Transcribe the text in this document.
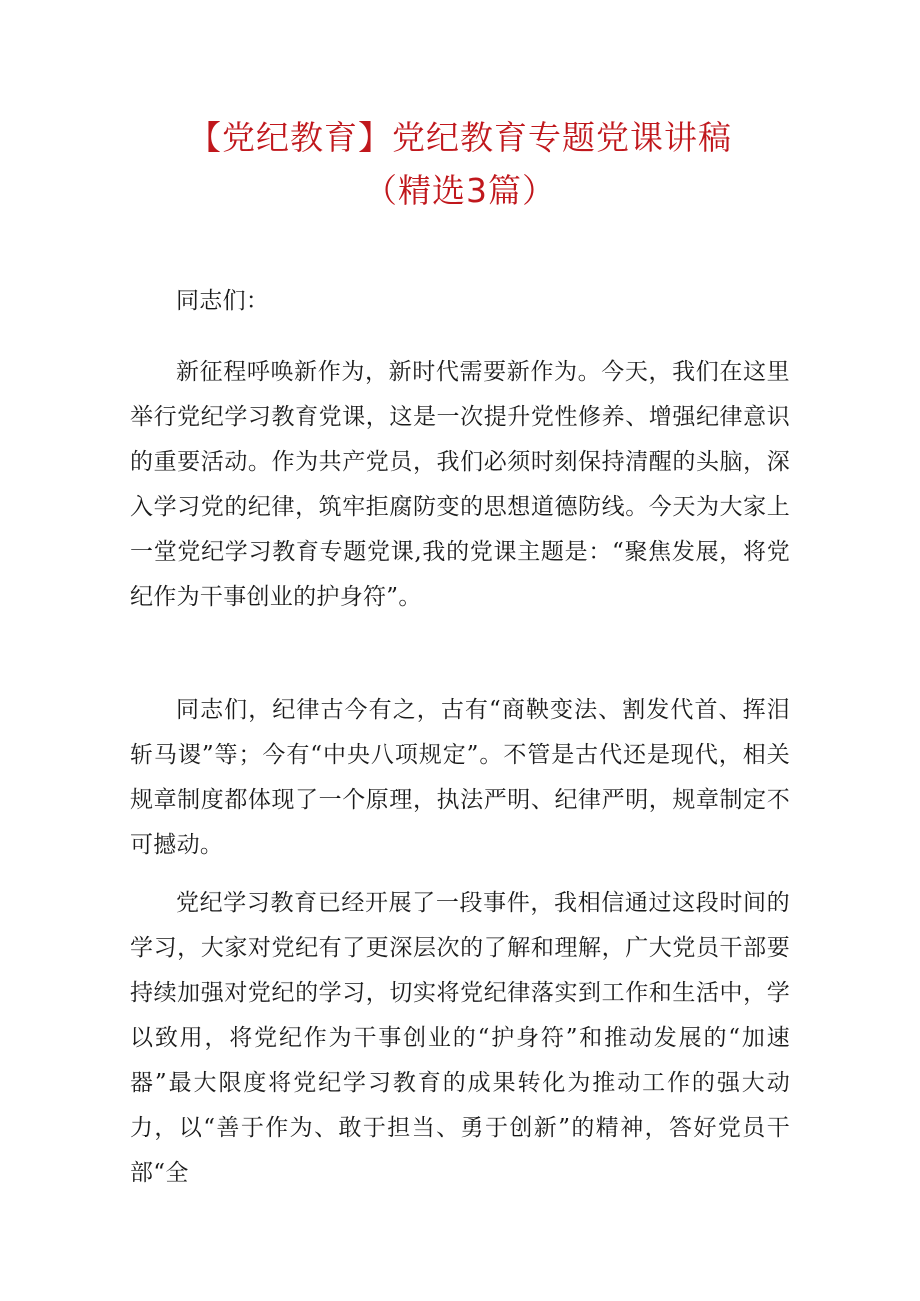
【党纪教育】党纪教育专题党课讲稿
（精选3篇）

同志们：

新征程呼唤新作为，新时代需要新作为。今天，我们在这里举行党纪学习教育党课，这是一次提升党性修养、增强纪律意识的重要活动。作为共产党员，我们必须时刻保持清醒的头脑，深入学习党的纪律，筑牢拒腐防变的思想道德防线。今天为大家上一堂党纪学习教育专题党课,我的党课主题是：“聚焦发展，将党纪作为干事创业的护身符”。

同志们，纪律古今有之，古有“商鞅变法、割发代首、挥泪斩马谡”等；今有“中央八项规定”。不管是古代还是现代，相关规章制度都体现了一个原理，执法严明、纪律严明，规章制定不可撼动。

党纪学习教育已经开展了一段事件，我相信通过这段时间的学习，大家对党纪有了更深层次的了解和理解，广大党员干部要持续加强对党纪的学习，切实将党纪律落实到工作和生活中，学以致用，将党纪作为干事创业的“护身符”和推动发展的“加速器”最大限度将党纪学习教育的成果转化为推动工作的强大动力，以“善于作为、敢于担当、勇于创新”的精神，答好党员干部“全
